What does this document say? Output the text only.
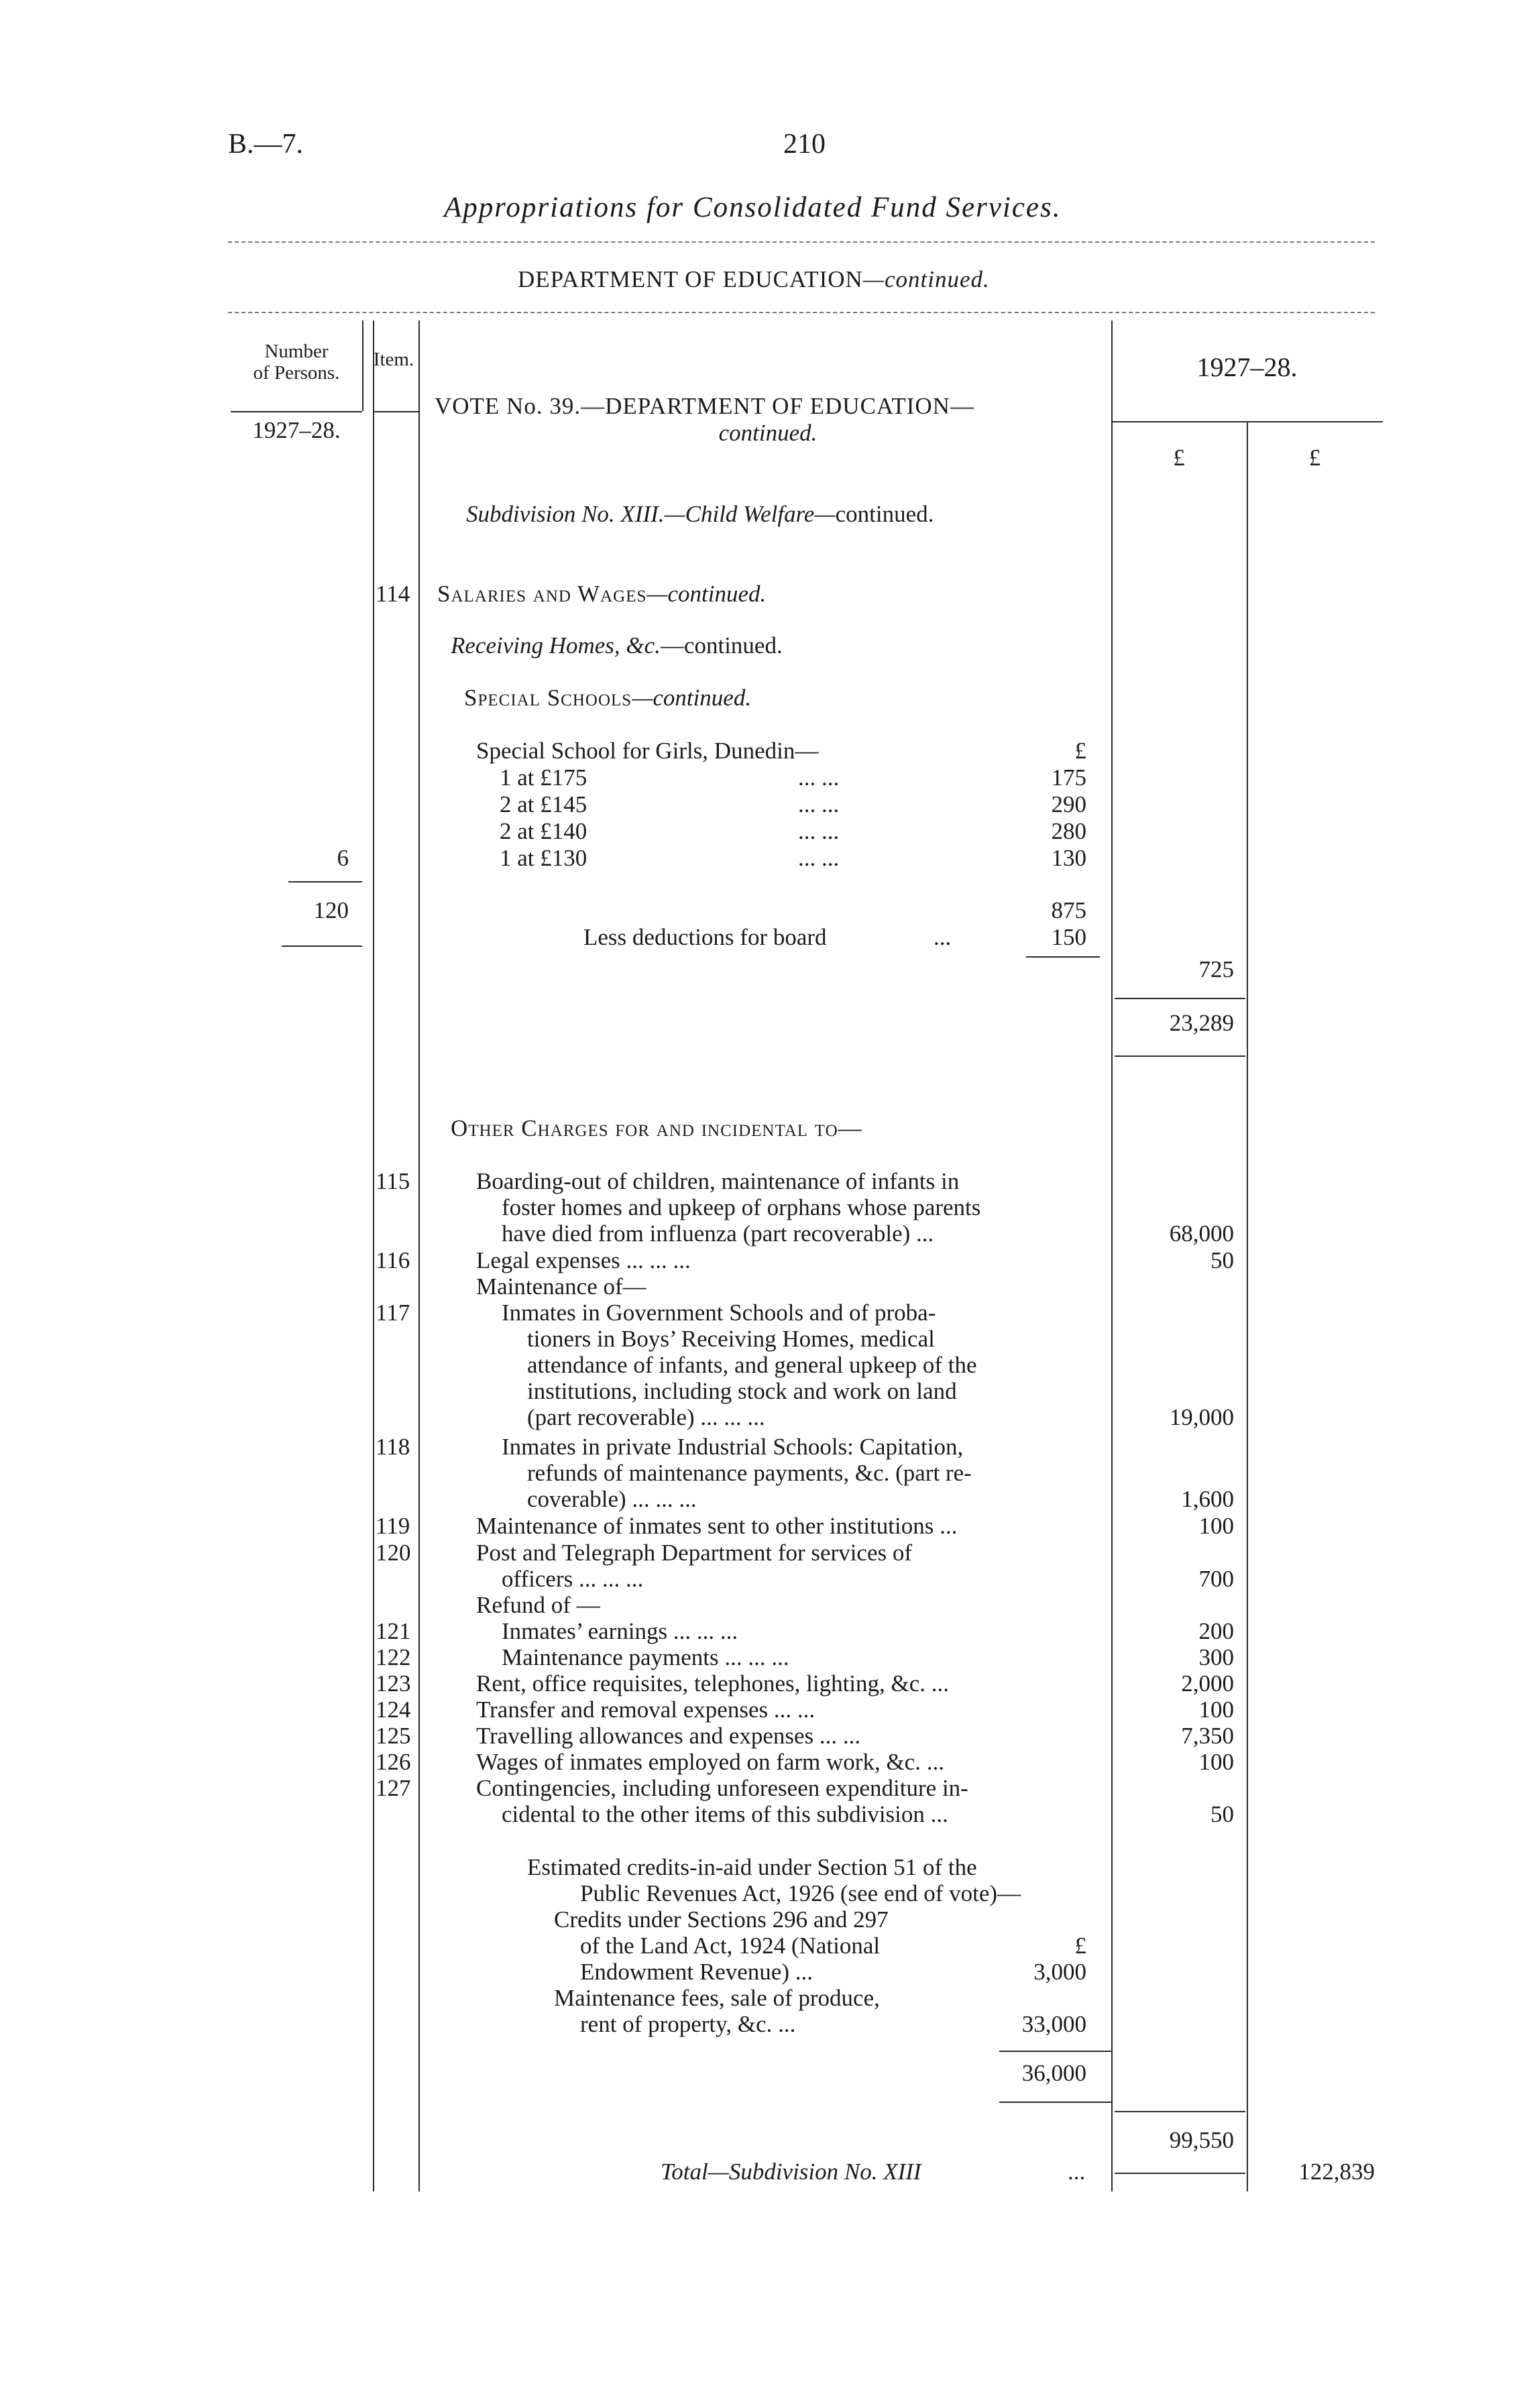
B.—7.	210
Appropriations for Consolidated Fund Services.
DEPARTMENT OF EDUCATION—continued.
Number
of Persons.
Item.
1927–28.
1927–28.
£	£
VOTE No. 39.—DEPARTMENT OF EDUCATION—
continued.
Subdivision No. XIII.—Child Welfare—continued.
114 Salaries and Wages—continued.
Receiving Homes, &c.—continued.
Special Schools—continued.
Special School for Girls, Dunedin—	£
1 at £175	... ...	175
2 at £145	... ...	290
2 at £140	... ...	280
1 at £130	... ...	130
6
120	875
Less deductions for board	...	150
725
23,289
Other Charges for and incidental to—
115	Boarding-out of children, maintenance of infants in
foster homes and upkeep of orphans whose parents
have died from influenza (part recoverable) ...	68,000
116	Legal expenses ... ... ...	50
Maintenance of—
117	Inmates in Government Schools and of proba-
tioners in Boys’ Receiving Homes, medical
attendance of infants, and general upkeep of the
institutions, including stock and work on land
(part recoverable) ... ... ...	19,000
118	Inmates in private Industrial Schools: Capitation,
refunds of maintenance payments, &c. (part re-
coverable) ... ... ...	1,600
119	Maintenance of inmates sent to other institutions ...	100
120	Post and Telegraph Department for services of
officers ... ... ...	700
Refund of —
121	Inmates’ earnings ... ... ...	200
122	Maintenance payments ... ... ...	300
123	Rent, office requisites, telephones, lighting, &c. ...	2,000
124	Transfer and removal expenses ... ...	100
125	Travelling allowances and expenses ... ...	7,350
126	Wages of inmates employed on farm work, &c. ...	100
127	Contingencies, including unforeseen expenditure in-
cidental to the other items of this subdivision ...	50
Estimated credits-in-aid under Section 51 of the
Public Revenues Act, 1926 (see end of vote)—
Credits under Sections 296 and 297
of the Land Act, 1924 (National	£
Endowment Revenue) ...	3,000
Maintenance fees, sale of produce,
rent of property, &c. ...	33,000
36,000
99,550
Total—Subdivision No. XIII	...	122,839
